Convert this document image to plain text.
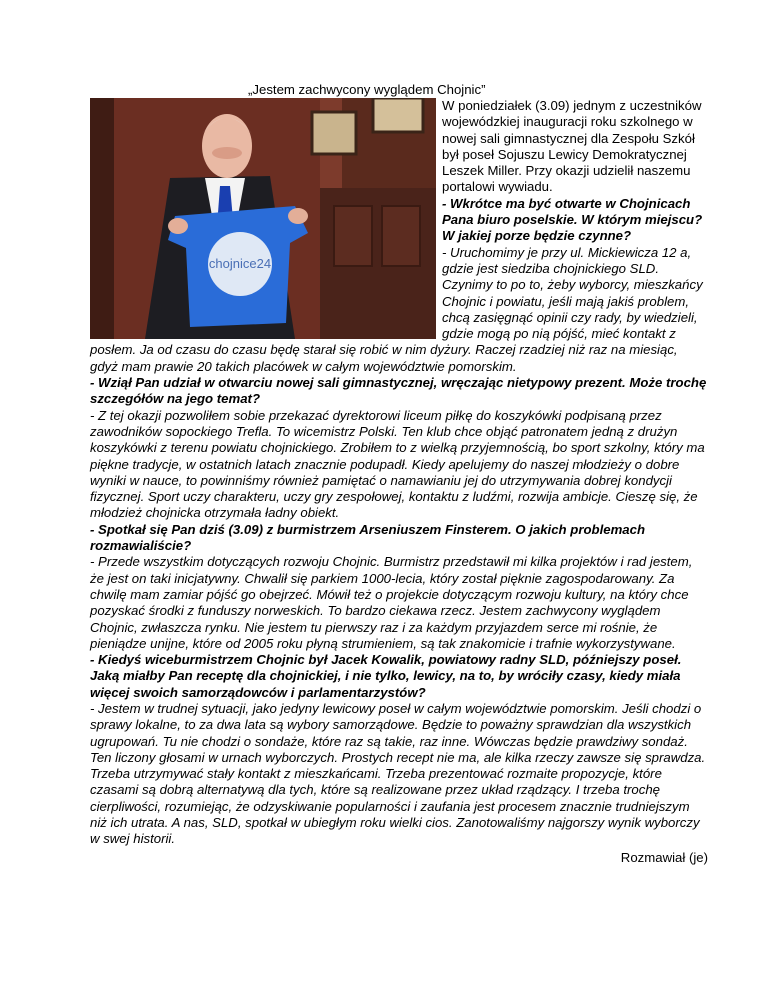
„Jestem zachwycony wyglądem Chojnic”
chojnice24
W poniedziałek (3.09) jednym z uczestników wojewódzkiej inauguracji roku szkolnego w nowej sali gimnastycznej dla Zespołu Szkół był poseł Sojuszu Lewicy Demokratycznej Leszek Miller. Przy okazji udzielił naszemu portalowi wywiadu.
- Wkrótce ma być otwarte w Chojnicach Pana biuro poselskie. W którym miejscu? W jakiej porze będzie czynne?
- Uruchomimy je przy ul. Mickiewicza 12 a, gdzie jest siedziba chojnickiego SLD. Czynimy to po to, żeby wyborcy, mieszkańcy Chojnic i powiatu, jeśli mają jakiś problem, chcą zasięgnąć opinii czy rady, by wiedzieli, gdzie mogą po nią pójść, mieć kontakt z posłem. Ja od czasu do czasu będę starał się robić w nim dyżury. Raczej rzadziej niż raz na miesiąc, gdyż mam prawie 20 takich placówek w całym województwie pomorskim.
- Wziął Pan udział w otwarciu nowej sali gimnastycznej, wręczając nietypowy prezent. Może trochę szczegółów na jego temat?
- Z tej okazji pozwoliłem sobie przekazać dyrektorowi liceum piłkę do koszykówki podpisaną przez zawodników sopockiego Trefla. To wicemistrz Polski. Ten klub chce objąć patronatem jedną z drużyn koszykówki z terenu powiatu chojnickiego. Zrobiłem to z wielką przyjemnością, bo sport szkolny, który ma piękne tradycje, w ostatnich latach znacznie podupadł. Kiedy apelujemy do naszej młodzieży o dobre wyniki w nauce, to powinniśmy również pamiętać o namawianiu jej do utrzymywania dobrej kondycji fizycznej. Sport uczy charakteru, uczy gry zespołowej, kontaktu z ludźmi, rozwija ambicje. Cieszę się, że młodzież chojnicka otrzymała ładny obiekt.
- Spotkał się Pan dziś (3.09) z burmistrzem Arseniuszem Finsterem. O jakich problemach rozmawialiście?
- Przede wszystkim dotyczących rozwoju Chojnic. Burmistrz przedstawił mi kilka projektów i rad jestem, że jest on taki inicjatywny. Chwalił się parkiem 1000-lecia, który został pięknie zagospodarowany. Za chwilę mam zamiar pójść go obejrzeć. Mówił też o projekcie dotyczącym rozwoju kultury, na który chce pozyskać środki z funduszy norweskich. To bardzo ciekawa rzecz. Jestem zachwycony wyglądem Chojnic, zwłaszcza rynku. Nie jestem tu pierwszy raz i za każdym przyjazdem serce mi rośnie, że pieniądze unijne, które od 2005 roku płyną strumieniem, są tak znakomicie i trafnie wykorzystywane.
- Kiedyś wiceburmistrzem Chojnic był Jacek Kowalik, powiatowy radny SLD, późniejszy poseł. Jaką miałby Pan receptę dla chojnickiej, i nie tylko, lewicy, na to, by wróciły czasy, kiedy miała więcej swoich samorządowców i parlamentarzystów?
- Jestem w trudnej sytuacji, jako jedyny lewicowy poseł w całym województwie pomorskim. Jeśli chodzi o sprawy lokalne, to za dwa lata są wybory samorządowe. Będzie to poważny sprawdzian dla wszystkich ugrupowań. Tu nie chodzi o sondaże, które raz są takie, raz inne. Wówczas będzie prawdziwy sondaż. Ten liczony głosami w urnach wyborczych. Prostych recept nie ma, ale kilka rzeczy zawsze się sprawdza. Trzeba utrzymywać stały kontakt z mieszkańcami. Trzeba prezentować rozmaite propozycje, które czasami są dobrą alternatywą dla tych, które są realizowane przez układ rządzący. I trzeba trochę cierpliwości, rozumiejąc, że odzyskiwanie popularności i zaufania jest procesem znacznie trudniejszym niż ich utrata. A nas, SLD, spotkał w ubiegłym roku wielki cios. Zanotowaliśmy najgorszy wynik wyborczy w swej historii.
Rozmawiał (je)
